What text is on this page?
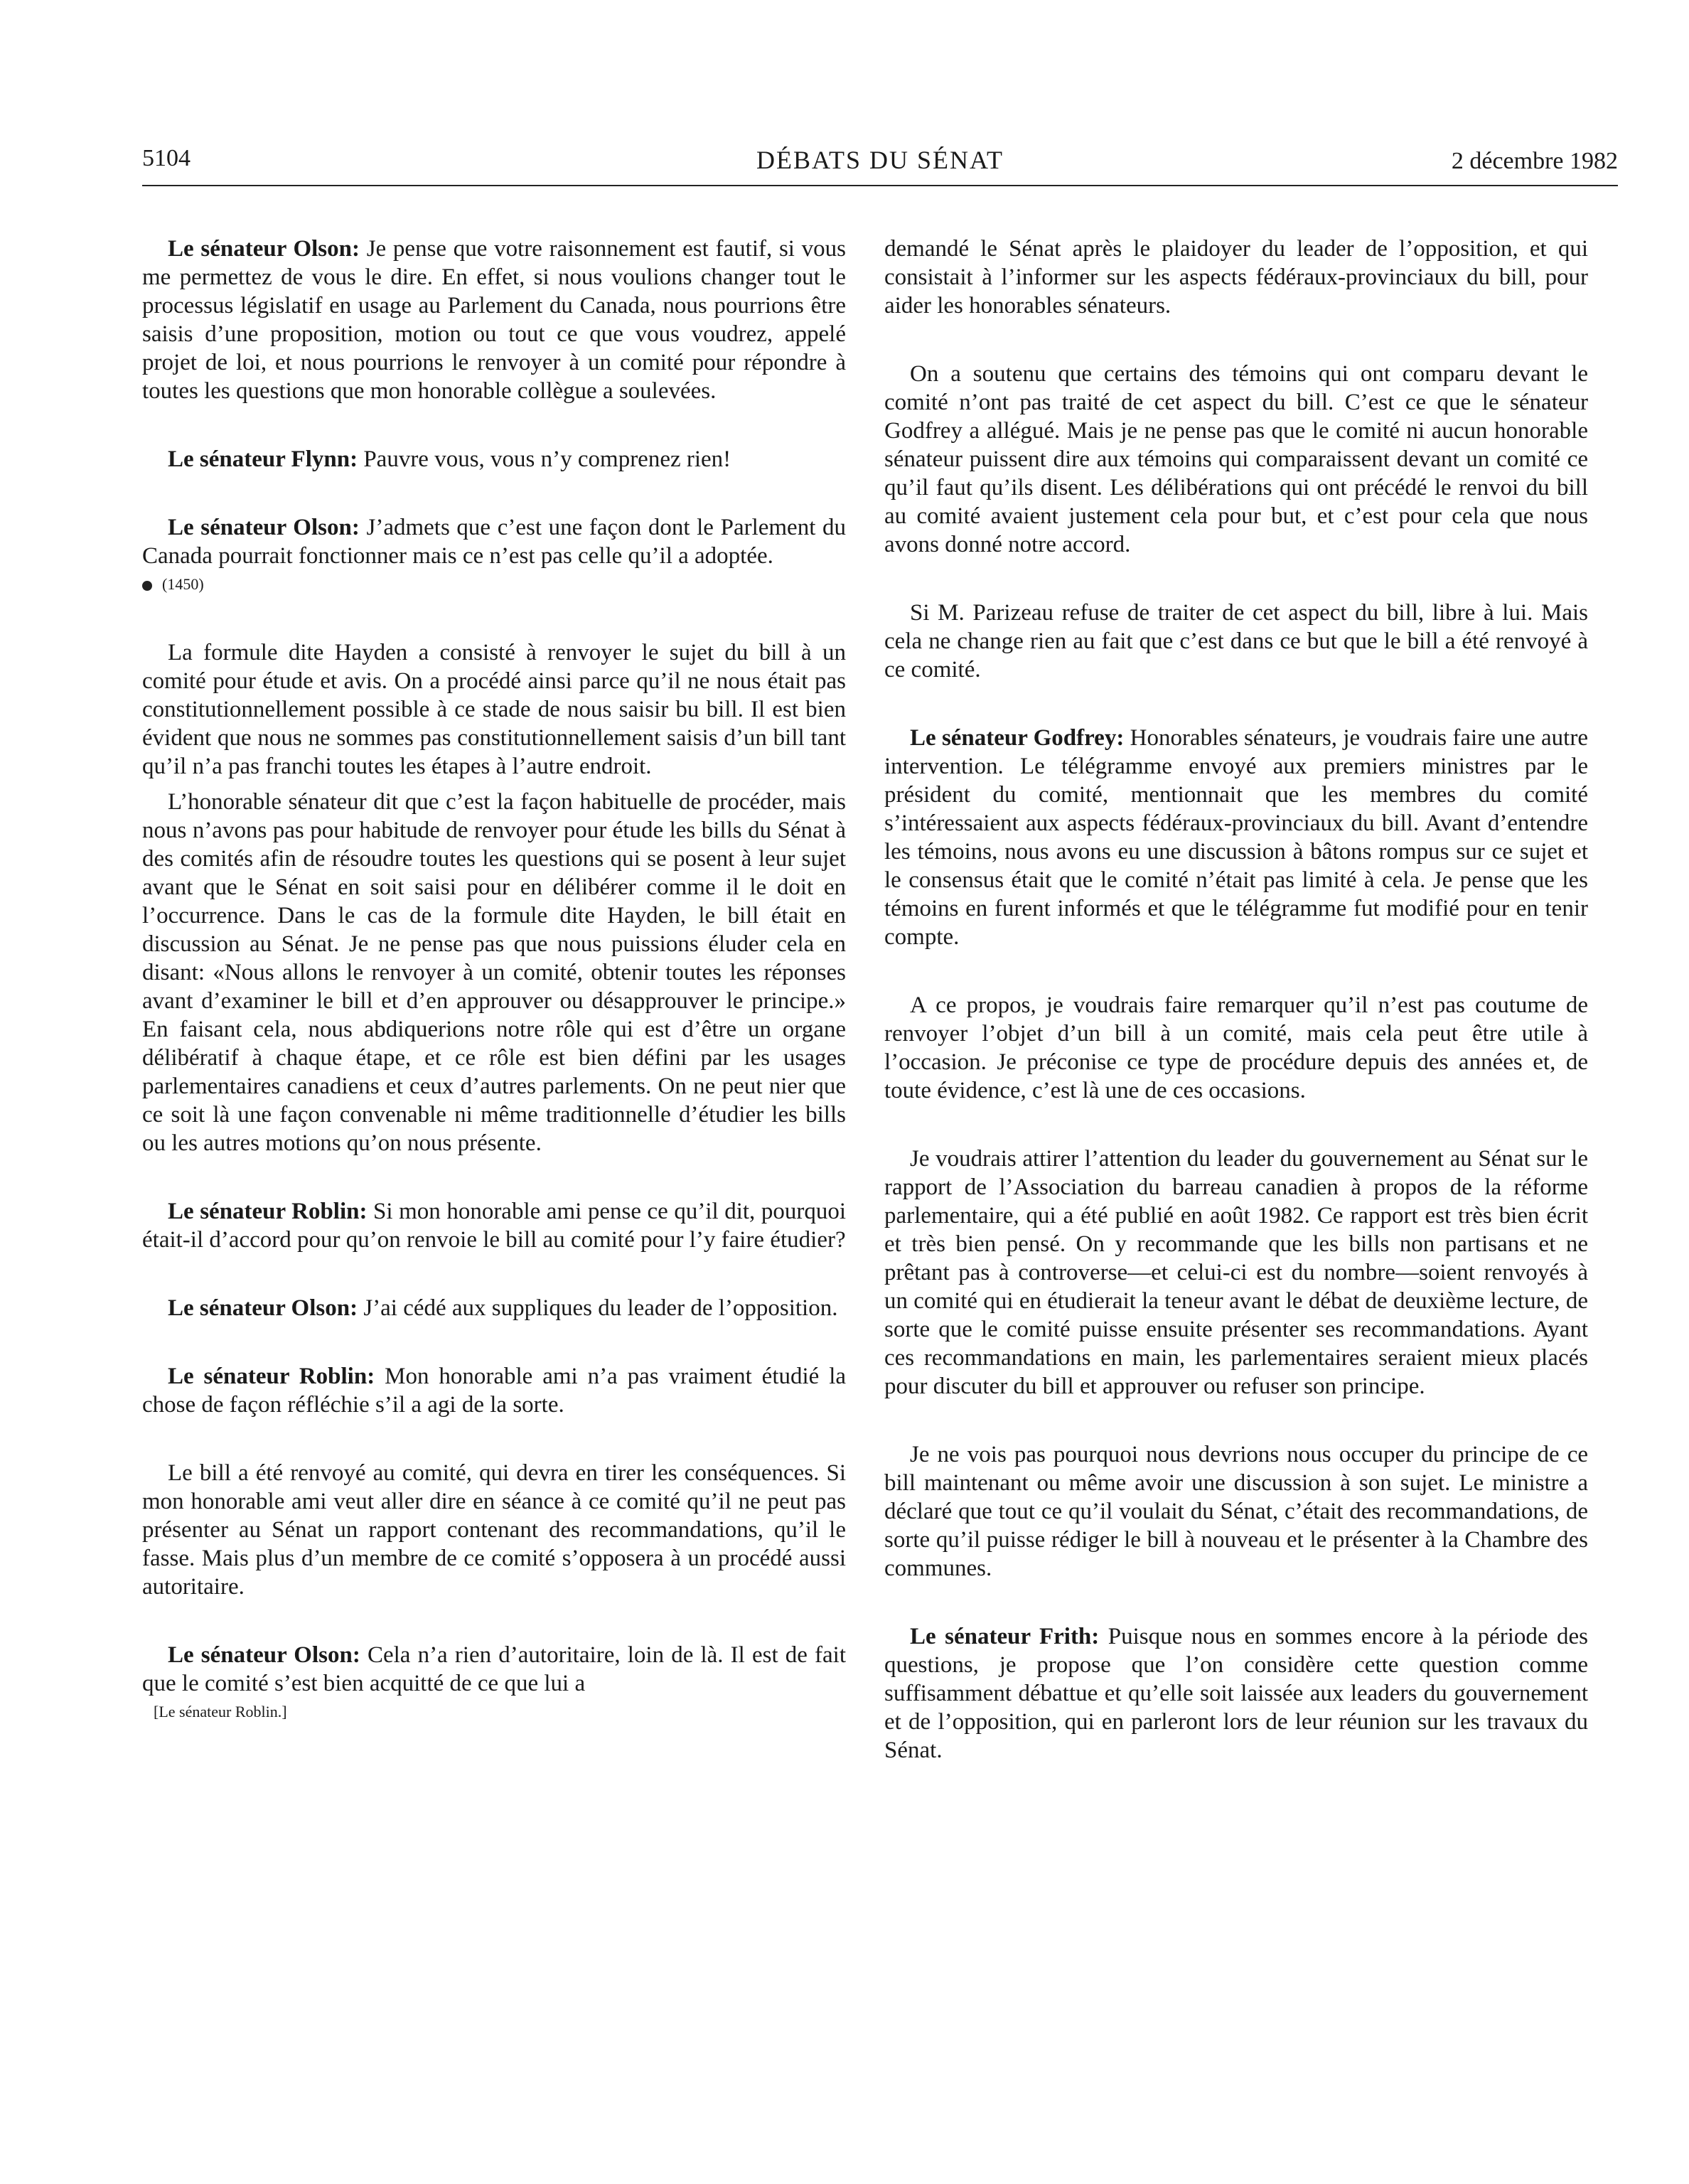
5104	DÉBATS DU SÉNAT	2 décembre 1982

Le sénateur Olson: Je pense que votre raisonnement est fautif, si vous me permettez de vous le dire. En effet, si nous voulions changer tout le processus législatif en usage au Parlement du Canada, nous pourrions être saisis d’une proposition, motion ou tout ce que vous voudrez, appelé projet de loi, et nous pourrions le renvoyer à un comité pour répondre à toutes les questions que mon honorable collègue a soulevées.

Le sénateur Flynn: Pauvre vous, vous n’y comprenez rien!

Le sénateur Olson: J’admets que c’est une façon dont le Parlement du Canada pourrait fonctionner mais ce n’est pas celle qu’il a adoptée.

(1450)

La formule dite Hayden a consisté à renvoyer le sujet du bill à un comité pour étude et avis. On a procédé ainsi parce qu’il ne nous était pas constitutionnellement possible à ce stade de nous saisir bu bill. Il est bien évident que nous ne sommes pas constitutionnellement saisis d’un bill tant qu’il n’a pas franchi toutes les étapes à l’autre endroit.

L’honorable sénateur dit que c’est la façon habituelle de procéder, mais nous n’avons pas pour habitude de renvoyer pour étude les bills du Sénat à des comités afin de résoudre toutes les questions qui se posent à leur sujet avant que le Sénat en soit saisi pour en délibérer comme il le doit en l’occurrence. Dans le cas de la formule dite Hayden, le bill était en discussion au Sénat. Je ne pense pas que nous puissions éluder cela en disant: «Nous allons le renvoyer à un comité, obtenir toutes les réponses avant d’examiner le bill et d’en approuver ou désapprouver le principe.» En faisant cela, nous abdiquerions notre rôle qui est d’être un organe délibératif à chaque étape, et ce rôle est bien défini par les usages parlementaires canadiens et ceux d’autres parlements. On ne peut nier que ce soit là une façon convenable ni même traditionnelle d’étudier les bills ou les autres motions qu’on nous présente.

Le sénateur Roblin: Si mon honorable ami pense ce qu’il dit, pourquoi était-il d’accord pour qu’on renvoie le bill au comité pour l’y faire étudier?

Le sénateur Olson: J’ai cédé aux suppliques du leader de l’opposition.

Le sénateur Roblin: Mon honorable ami n’a pas vraiment étudié la chose de façon réfléchie s’il a agi de la sorte.

Le bill a été renvoyé au comité, qui devra en tirer les conséquences. Si mon honorable ami veut aller dire en séance à ce comité qu’il ne peut pas présenter au Sénat un rapport contenant des recommandations, qu’il le fasse. Mais plus d’un membre de ce comité s’opposera à un procédé aussi autoritaire.

Le sénateur Olson: Cela n’a rien d’autoritaire, loin de là. Il est de fait que le comité s’est bien acquitté de ce que lui a

[Le sénateur Roblin.]

demandé le Sénat après le plaidoyer du leader de l’opposition, et qui consistait à l’informer sur les aspects fédéraux-provinciaux du bill, pour aider les honorables sénateurs.

On a soutenu que certains des témoins qui ont comparu devant le comité n’ont pas traité de cet aspect du bill. C’est ce que le sénateur Godfrey a allégué. Mais je ne pense pas que le comité ni aucun honorable sénateur puissent dire aux témoins qui comparaissent devant un comité ce qu’il faut qu’ils disent. Les délibérations qui ont précédé le renvoi du bill au comité avaient justement cela pour but, et c’est pour cela que nous avons donné notre accord.

Si M. Parizeau refuse de traiter de cet aspect du bill, libre à lui. Mais cela ne change rien au fait que c’est dans ce but que le bill a été renvoyé à ce comité.

Le sénateur Godfrey: Honorables sénateurs, je voudrais faire une autre intervention. Le télégramme envoyé aux premiers ministres par le président du comité, mentionnait que les membres du comité s’intéressaient aux aspects fédéraux-provinciaux du bill. Avant d’entendre les témoins, nous avons eu une discussion à bâtons rompus sur ce sujet et le consensus était que le comité n’était pas limité à cela. Je pense que les témoins en furent informés et que le télégramme fut modifié pour en tenir compte.

A ce propos, je voudrais faire remarquer qu’il n’est pas coutume de renvoyer l’objet d’un bill à un comité, mais cela peut être utile à l’occasion. Je préconise ce type de procédure depuis des années et, de toute évidence, c’est là une de ces occasions.

Je voudrais attirer l’attention du leader du gouvernement au Sénat sur le rapport de l’Association du barreau canadien à propos de la réforme parlementaire, qui a été publié en août 1982. Ce rapport est très bien écrit et très bien pensé. On y recommande que les bills non partisans et ne prêtant pas à controverse—et celui-ci est du nombre—soient renvoyés à un comité qui en étudierait la teneur avant le débat de deuxième lecture, de sorte que le comité puisse ensuite présenter ses recommandations. Ayant ces recommandations en main, les parlementaires seraient mieux placés pour discuter du bill et approuver ou refuser son principe.

Je ne vois pas pourquoi nous devrions nous occuper du principe de ce bill maintenant ou même avoir une discussion à son sujet. Le ministre a déclaré que tout ce qu’il voulait du Sénat, c’était des recommandations, de sorte qu’il puisse rédiger le bill à nouveau et le présenter à la Chambre des communes.

Le sénateur Frith: Puisque nous en sommes encore à la période des questions, je propose que l’on considère cette question comme suffisamment débattue et qu’elle soit laissée aux leaders du gouvernement et de l’opposition, qui en parleront lors de leur réunion sur les travaux du Sénat.
